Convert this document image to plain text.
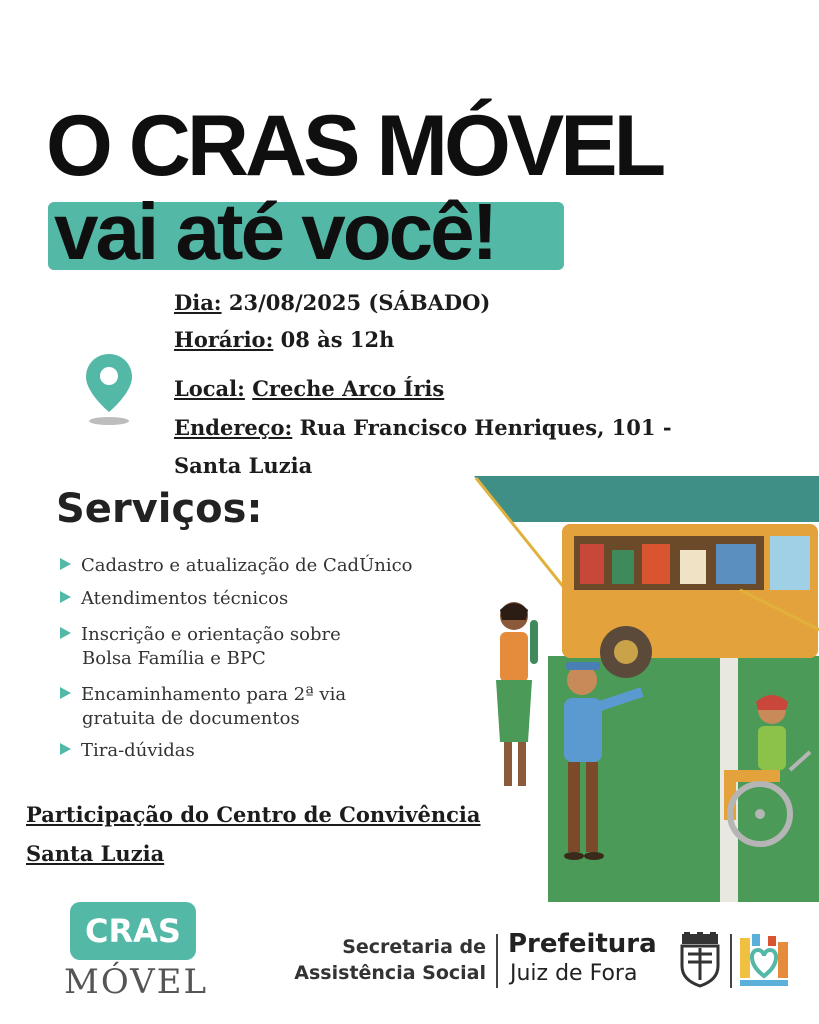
O CRAS MÓVEL
vai até você!
Dia: 23/08/2025 (SÁBADO)
Horário: 08 às 12h
Local: Creche Arco Íris
Endereço: Rua Francisco Henriques, 101 -
Santa Luzia
Serviços:
Cadastro e atualização de CadÚnico
Atendimentos técnicos
Inscrição e orientação sobre
Bolsa Família e BPC
Encaminhamento para 2ª via
gratuita de documentos
Tira-dúvidas
Participação do Centro de Convivência
Santa Luzia
CRAS
MÓVEL
Secretaria de
Assistência Social
Prefeitura
Juiz de Fora
